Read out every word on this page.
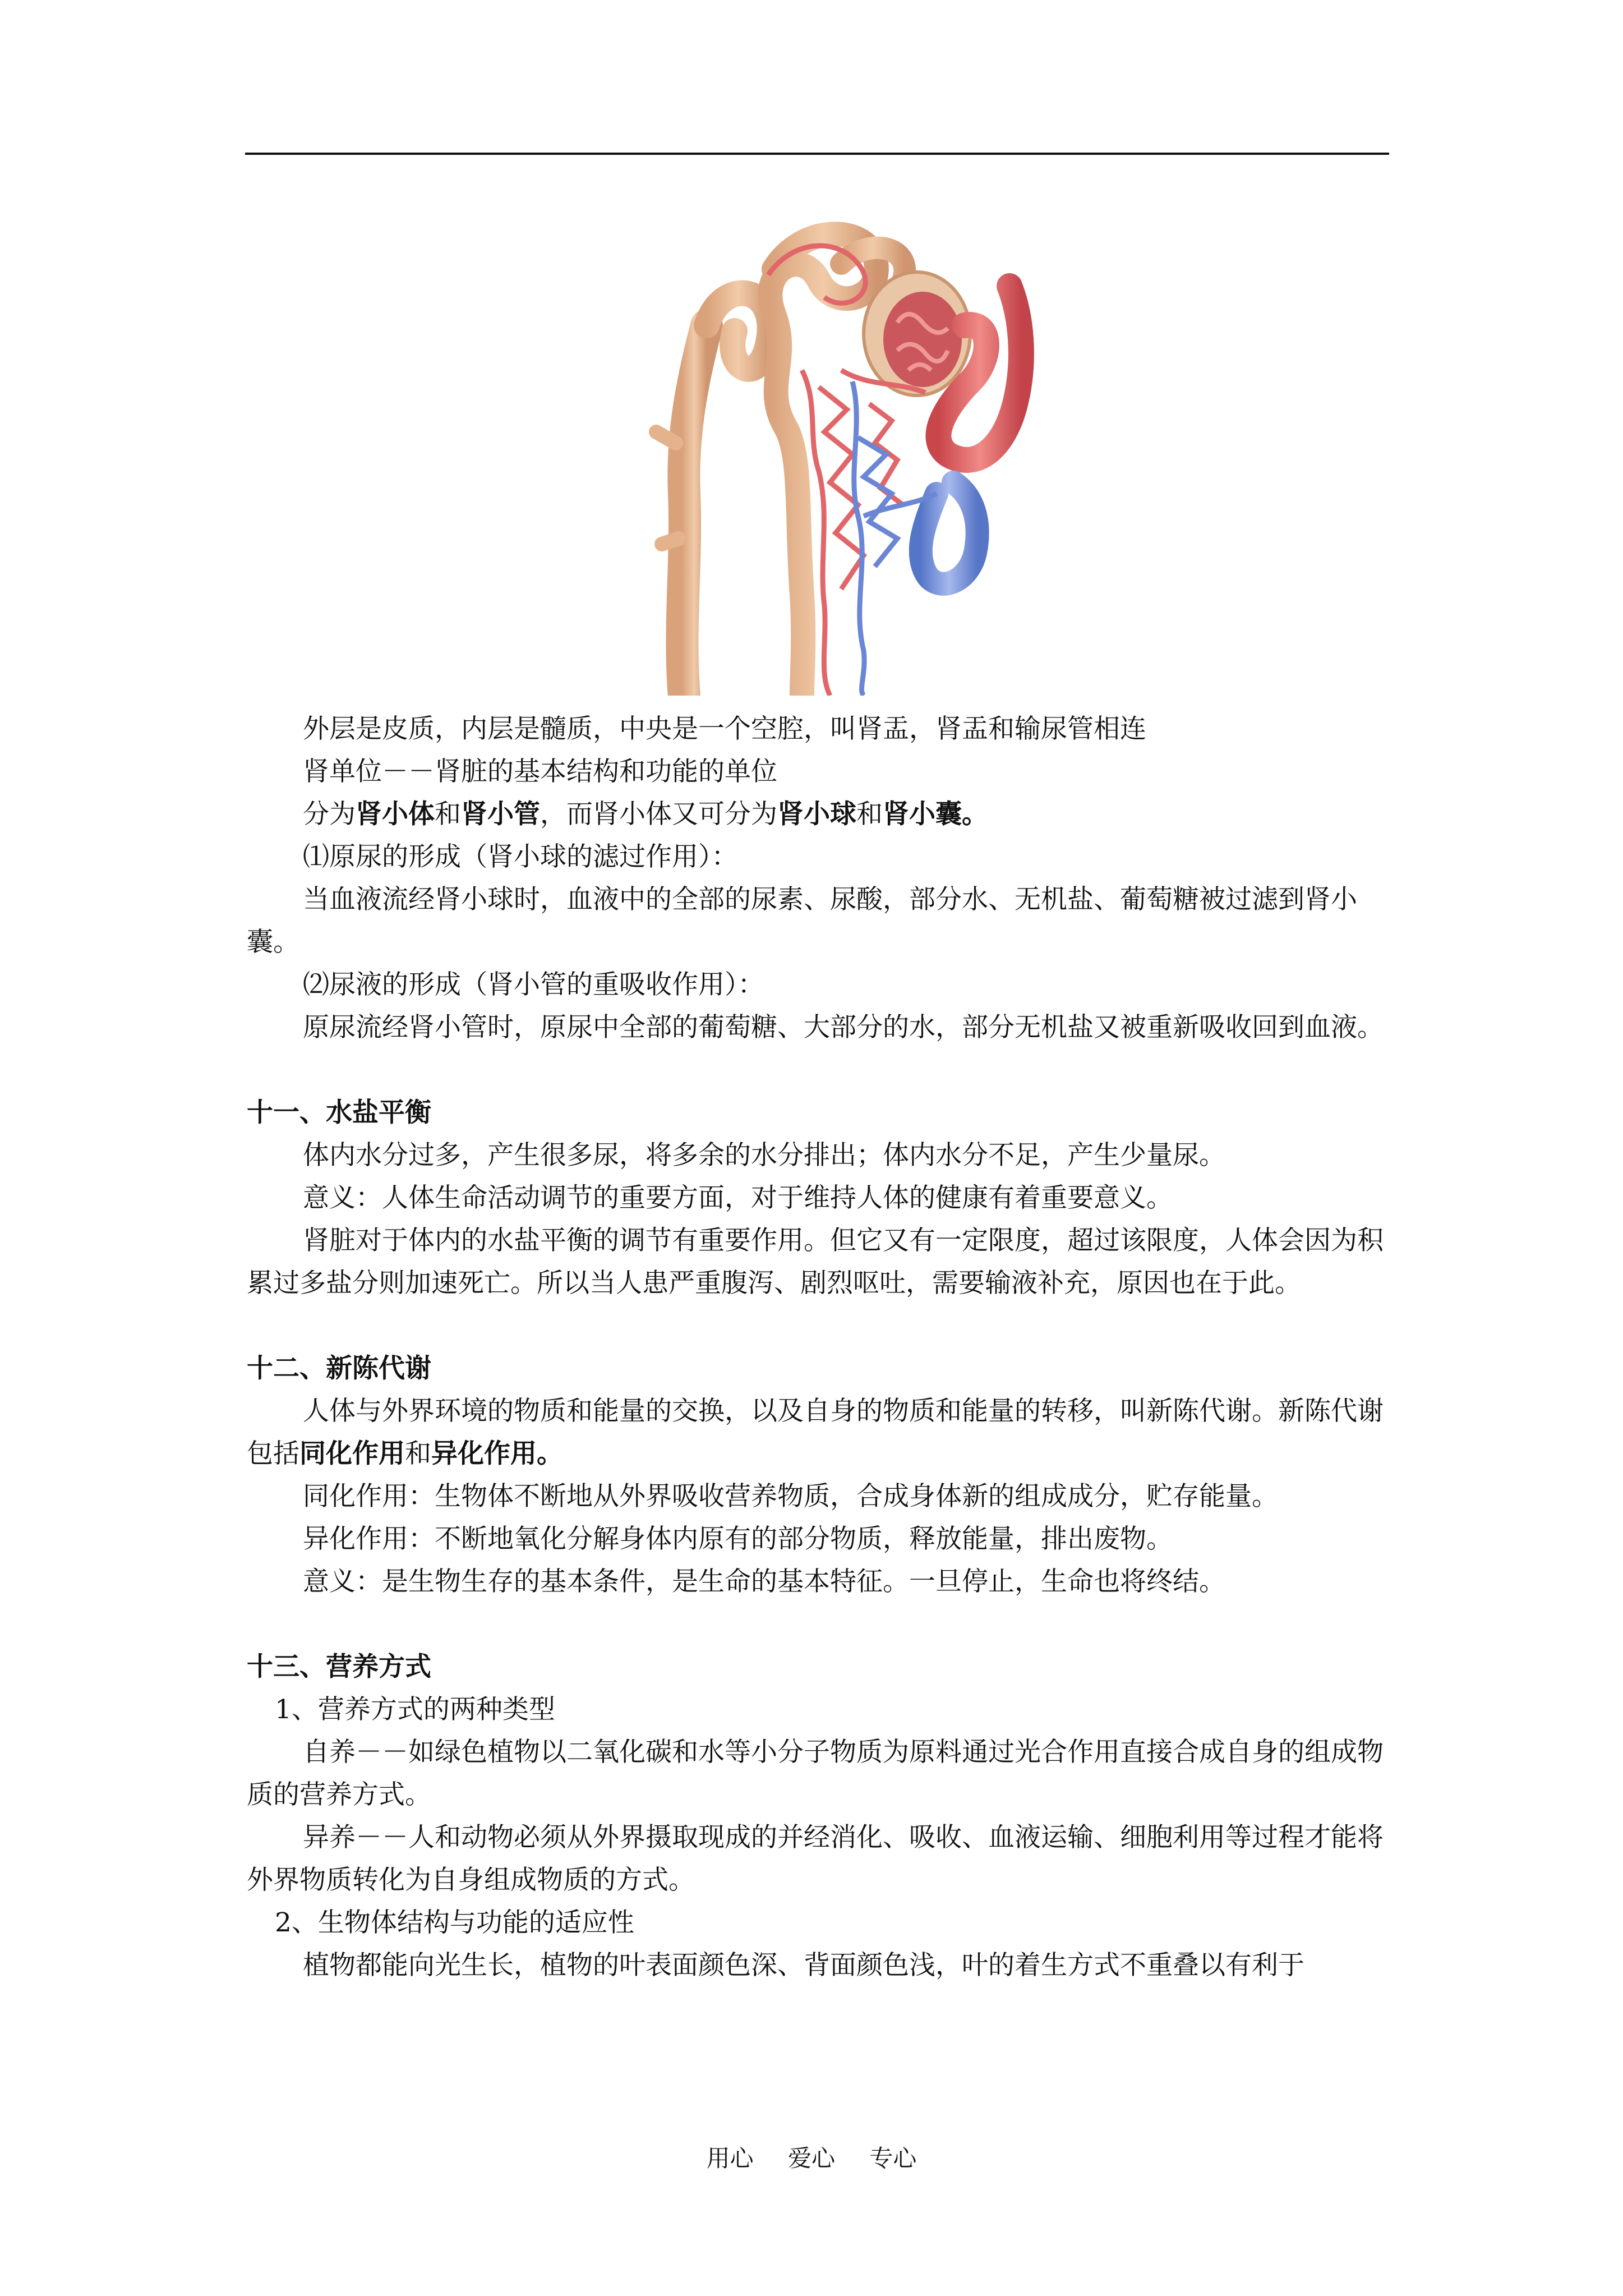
外层是皮质，内层是髓质，中央是一个空腔，叫肾盂，肾盂和输尿管相连

肾单位－－肾脏的基本结构和功能的单位

分为肾小体和肾小管，而肾小体又可分为肾小球和肾小囊。

⑴原尿的形成（肾小球的滤过作用）：

当血液流经肾小球时，血液中的全部的尿素、尿酸，部分水、无机盐、葡萄糖被过滤到肾小囊。

⑵尿液的形成（肾小管的重吸收作用）：

原尿流经肾小管时，原尿中全部的葡萄糖、大部分的水，部分无机盐又被重新吸收回到血液。

十一、水盐平衡

体内水分过多，产生很多尿，将多余的水分排出；体内水分不足，产生少量尿。

意义：人体生命活动调节的重要方面，对于维持人体的健康有着重要意义。

肾脏对于体内的水盐平衡的调节有重要作用。但它又有一定限度，超过该限度，人体会因为积累过多盐分则加速死亡。所以当人患严重腹泻、剧烈呕吐，需要输液补充，原因也在于此。

十二、新陈代谢

人体与外界环境的物质和能量的交换，以及自身的物质和能量的转移，叫新陈代谢。新陈代谢包括同化作用和异化作用。

同化作用：生物体不断地从外界吸收营养物质，合成身体新的组成成分，贮存能量。

异化作用：不断地氧化分解身体内原有的部分物质，释放能量，排出废物。

意义：是生物生存的基本条件，是生命的基本特征。一旦停止，生命也将终结。

十三、营养方式

1、营养方式的两种类型

自养－－如绿色植物以二氧化碳和水等小分子物质为原料通过光合作用直接合成自身的组成物质的营养方式。

异养－－人和动物必须从外界摄取现成的并经消化、吸收、血液运输、细胞利用等过程才能将外界物质转化为自身组成物质的方式。

2、生物体结构与功能的适应性

植物都能向光生长，植物的叶表面颜色深、背面颜色浅，叶的着生方式不重叠以有利于

用心 爱心 专心
